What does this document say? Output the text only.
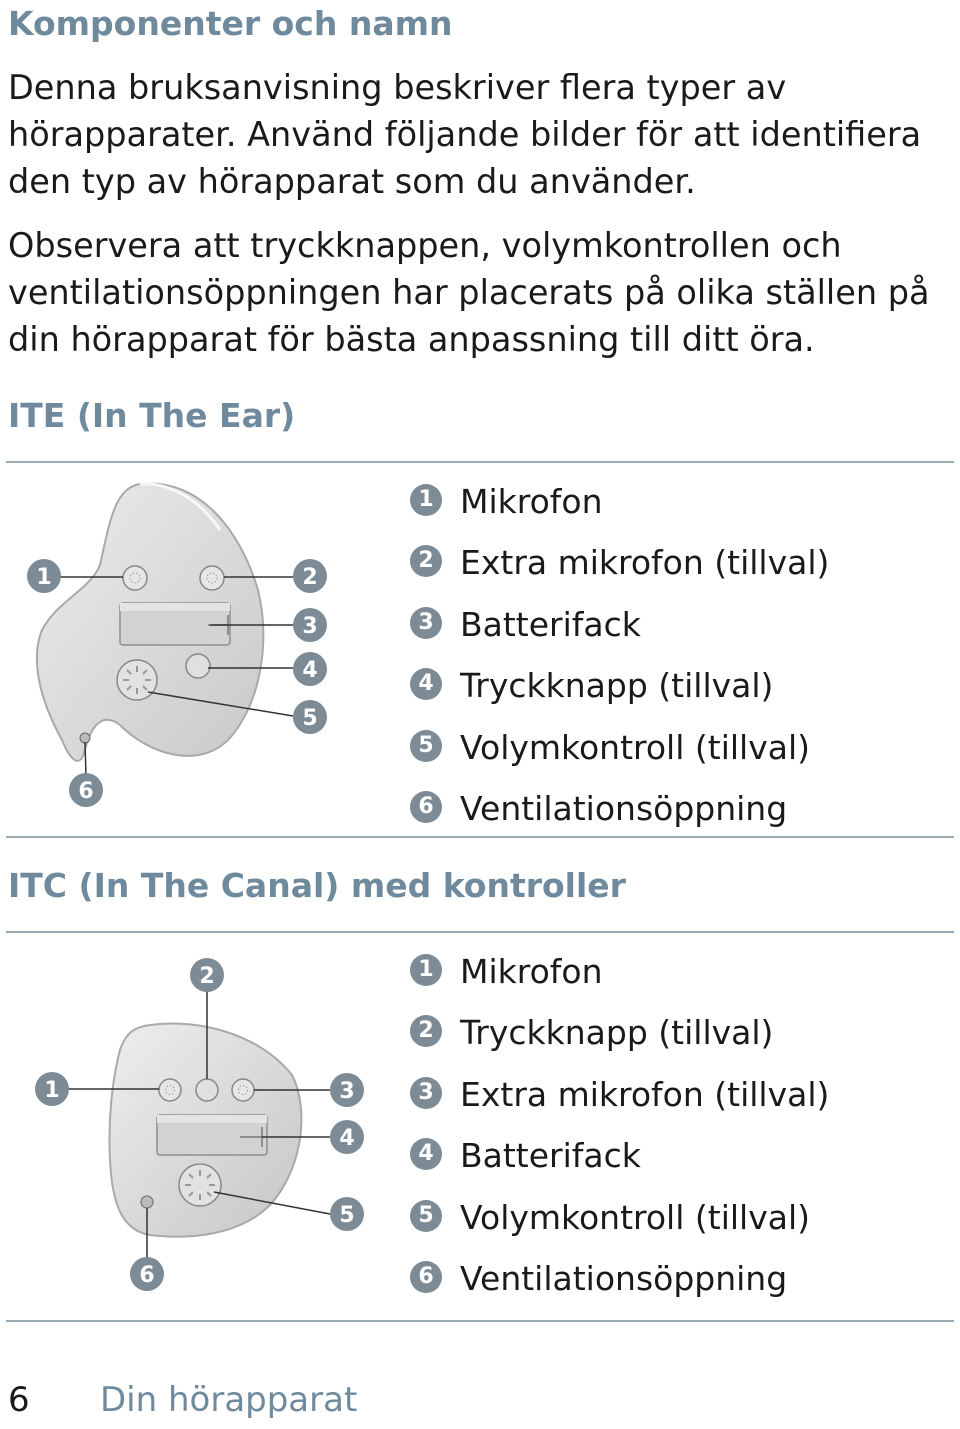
Komponenter och namn

Denna bruksanvisning beskriver flera typer av hörapparater. Använd följande bilder för att identifiera den typ av hörapparat som du använder.

Observera att tryckknappen, volymkontrollen och ventilationsöppningen har placerats på olika ställen på din hörapparat för bästa anpassning till ditt öra.

ITE (In The Ear)
1	2
3
4
5
6
1 Mikrofon
2 Extra mikrofon (tillval)
3 Batterifack
4 Tryckknapp (tillval)
5 Volymkontroll (tillval)
6 Ventilationsöppning
ITC (In The Canal) med kontroller
1
2
3
4
5
6
1 Mikrofon
2 Tryckknapp (tillval)
3 Extra mikrofon (tillval)
4 Batterifack
5 Volymkontroll (tillval)
6 Ventilationsöppning
6 Din hörapparat
